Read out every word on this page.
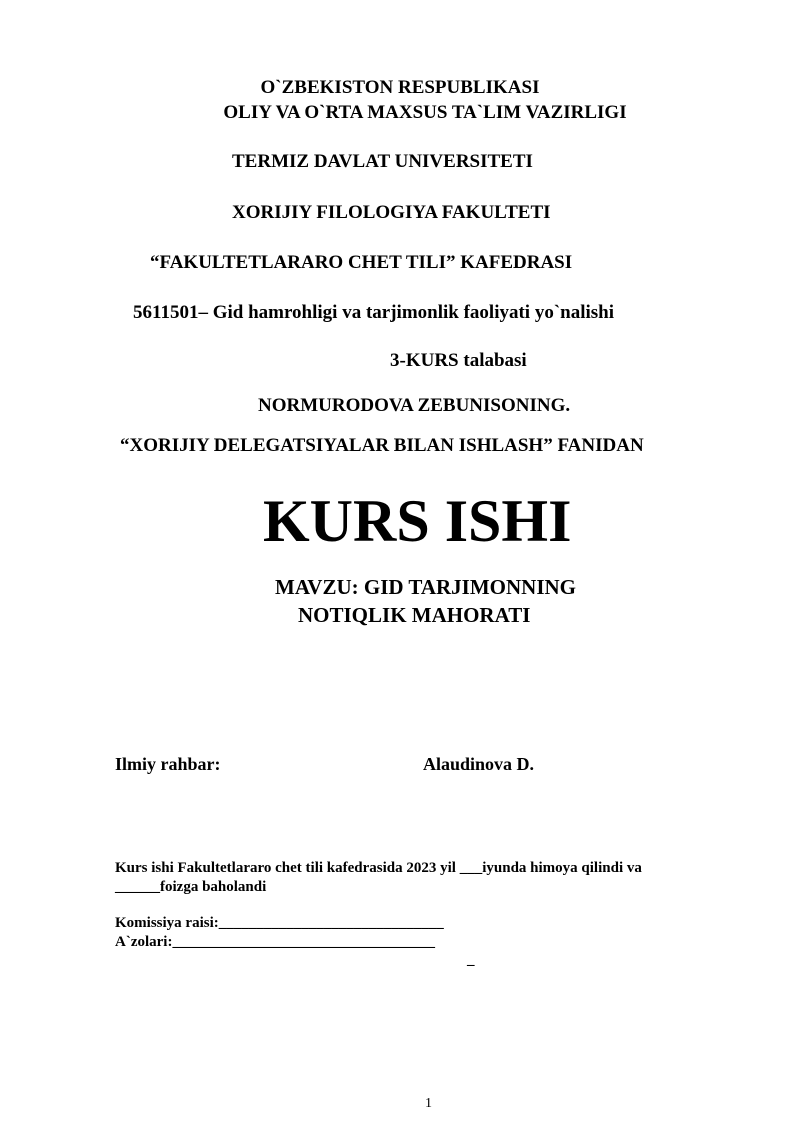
O`ZBEKISTON RESPUBLIKASI
OLIY VA O`RTA MAXSUS TA`LIM VAZIRLIGI
TERMIZ DAVLAT UNIVERSITETI
XORIJIY FILOLOGIYA FAKULTETI
“FAKULTETLARARO CHET TILI” KAFEDRASI
5611501– Gid hamrohligi va tarjimonlik faoliyati yo`nalishi
3-KURS talabasi
NORMURODOVA ZEBUNISONING.
“XORIJIY DELEGATSIYALAR BILAN ISHLASH” FANIDAN
KURS ISHI
MAVZU: GID TARJIMONNING
NOTIQLIK MAHORATI
Ilmiy rahbar:	Alaudinova D.
Kurs ishi Fakultetlararo chet tili kafedrasida 2023 yil ___iyunda himoya qilindi va
______foizga baholandi
Komissiya raisi:______________________________
A`zolari:___________________________________
_
1
